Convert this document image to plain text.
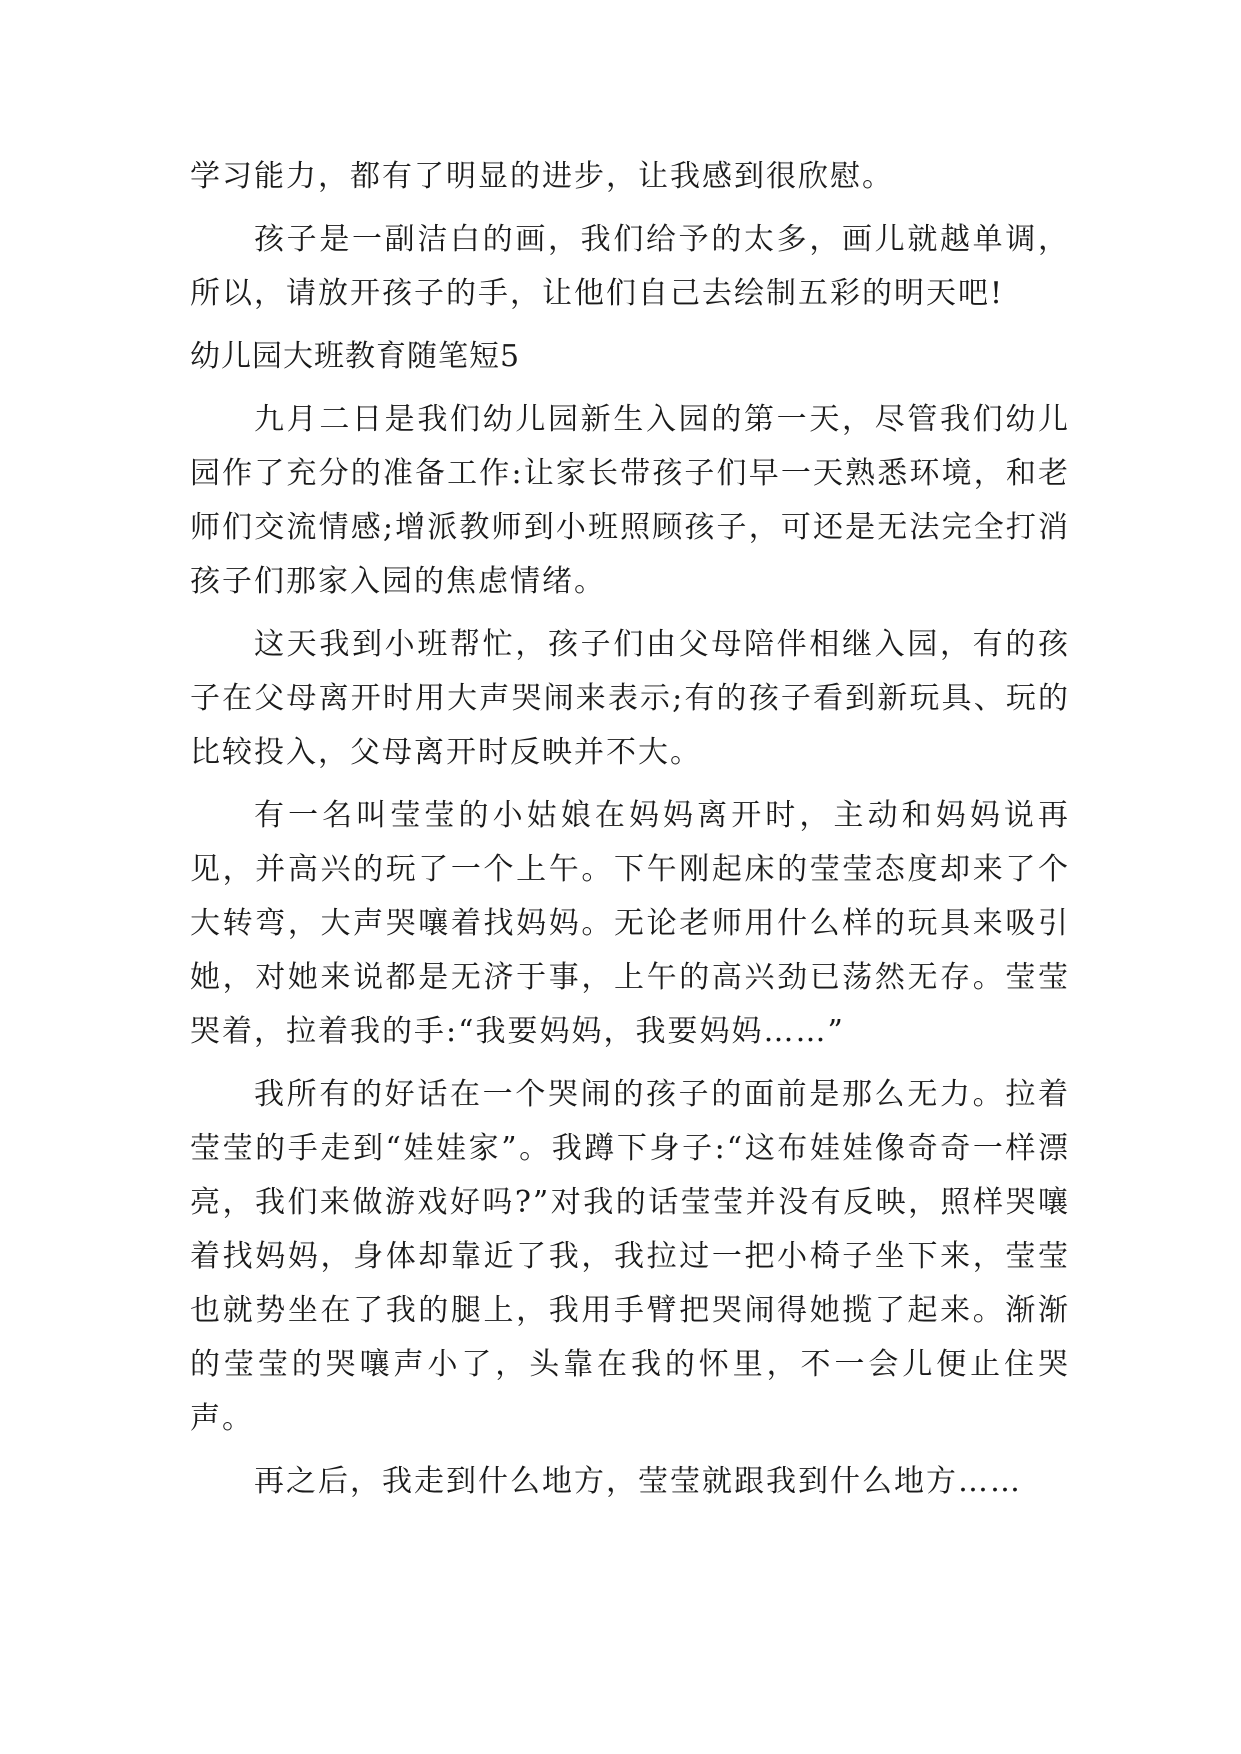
学习能力，都有了明显的进步，让我感到很欣慰。

孩子是一副洁白的画，我们给予的太多，画儿就越单调，所以，请放开孩子的手，让他们自己去绘制五彩的明天吧!

幼儿园大班教育随笔短5

九月二日是我们幼儿园新生入园的第一天，尽管我们幼儿园作了充分的准备工作:让家长带孩子们早一天熟悉环境，和老师们交流情感;增派教师到小班照顾孩子，可还是无法完全打消孩子们那家入园的焦虑情绪。

这天我到小班帮忙，孩子们由父母陪伴相继入园，有的孩子在父母离开时用大声哭闹来表示;有的孩子看到新玩具、玩的比较投入，父母离开时反映并不大。

有一名叫莹莹的小姑娘在妈妈离开时，主动和妈妈说再见，并高兴的玩了一个上午。下午刚起床的莹莹态度却来了个大转弯，大声哭嚷着找妈妈。无论老师用什么样的玩具来吸引她，对她来说都是无济于事，上午的高兴劲已荡然无存。莹莹哭着，拉着我的手:“我要妈妈，我要妈妈……”

我所有的好话在一个哭闹的孩子的面前是那么无力。拉着莹莹的手走到“娃娃家”。我蹲下身子:“这布娃娃像奇奇一样漂亮，我们来做游戏好吗?”对我的话莹莹并没有反映，照样哭嚷着找妈妈，身体却靠近了我，我拉过一把小椅子坐下来，莹莹也就势坐在了我的腿上，我用手臂把哭闹得她揽了起来。渐渐的莹莹的哭嚷声小了，头靠在我的怀里，不一会儿便止住哭声。

再之后，我走到什么地方，莹莹就跟我到什么地方……
